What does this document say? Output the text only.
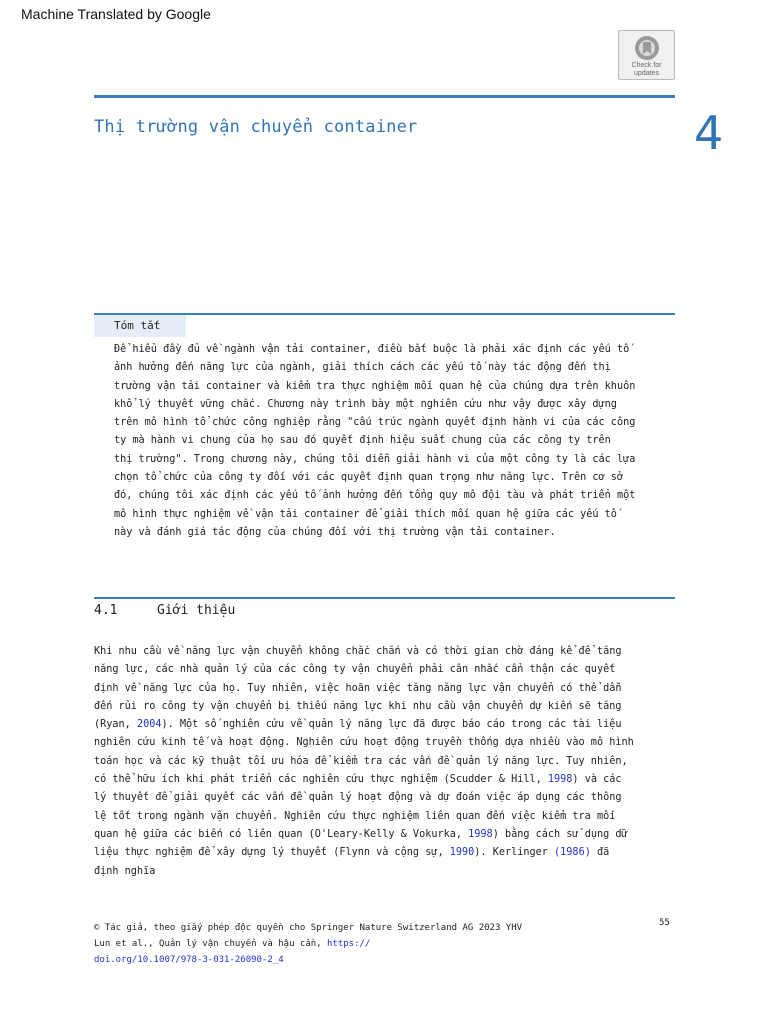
Machine Translated by Google
Check for updates
Thị trường vận chuyển container	4
Tóm tắt
Để hiểu đầy đủ về ngành vận tải container, điều bắt buộc là phải xác định các yếu tố
ảnh hưởng đến năng lực của ngành, giải thích cách các yếu tố này tác động đến thị
trường vận tải container và kiểm tra thực nghiệm mối quan hệ của chúng dựa trên khuôn
khổ lý thuyết vững chắc. Chương này trình bày một nghiên cứu như vậy được xây dựng
trên mô hình tổ chức công nghiệp rằng "cấu trúc ngành quyết định hành vi của các công
ty mà hành vi chung của họ sau đó quyết định hiệu suất chung của các công ty trên
thị trường". Trong chương này, chúng tôi diễn giải hành vi của một công ty là các lựa
chọn tổ chức của công ty đối với các quyết định quan trọng như năng lực. Trên cơ sở
đó, chúng tôi xác định các yếu tố ảnh hưởng đến tổng quy mô đội tàu và phát triển một
mô hình thực nghiệm về vận tải container để giải thích mối quan hệ giữa các yếu tố
này và đánh giá tác động của chúng đối với thị trường vận tải container.
4.1	Giới thiệu
Khi nhu cầu về năng lực vận chuyển không chắc chắn và có thời gian chờ đáng kể để tăng
năng lực, các nhà quản lý của các công ty vận chuyển phải cân nhắc cẩn thận các quyết
định về năng lực của họ. Tuy nhiên, việc hoãn việc tăng năng lực vận chuyển có thể dẫn
đến rủi ro công ty vận chuyển bị thiếu năng lực khi nhu cầu vận chuyển dự kiến sẽ tăng
(Ryan, 2004). Một số nghiên cứu về quản lý năng lực đã được báo cáo trong các tài liệu
nghiên cứu kinh tế và hoạt động. Nghiên cứu hoạt động truyền thống dựa nhiều vào mô hình
toán học và các kỹ thuật tối ưu hóa để kiểm tra các vấn đề quản lý năng lực. Tuy nhiên,
có thể hữu ích khi phát triển các nghiên cứu thực nghiệm (Scudder & Hill, 1998) và các
lý thuyết để giải quyết các vấn đề quản lý hoạt động và dự đoán việc áp dụng các thông
lệ tốt trong ngành vận chuyển. Nghiên cứu thực nghiệm liên quan đến việc kiểm tra mối
quan hệ giữa các biến có liên quan (O'Leary-Kelly & Vokurka, 1998) bằng cách sử dụng dữ
liệu thực nghiệm để xây dựng lý thuyết (Flynn và cộng sự, 1990). Kerlinger (1986) đã
định nghĩa
© Tác giả, theo giấy phép độc quyền cho Springer Nature Switzerland AG 2023 YHV
Lun et al., Quản lý vận chuyển và hậu cần, https://
doi.org/10.1007/978-3-031-26090-2_4
55
